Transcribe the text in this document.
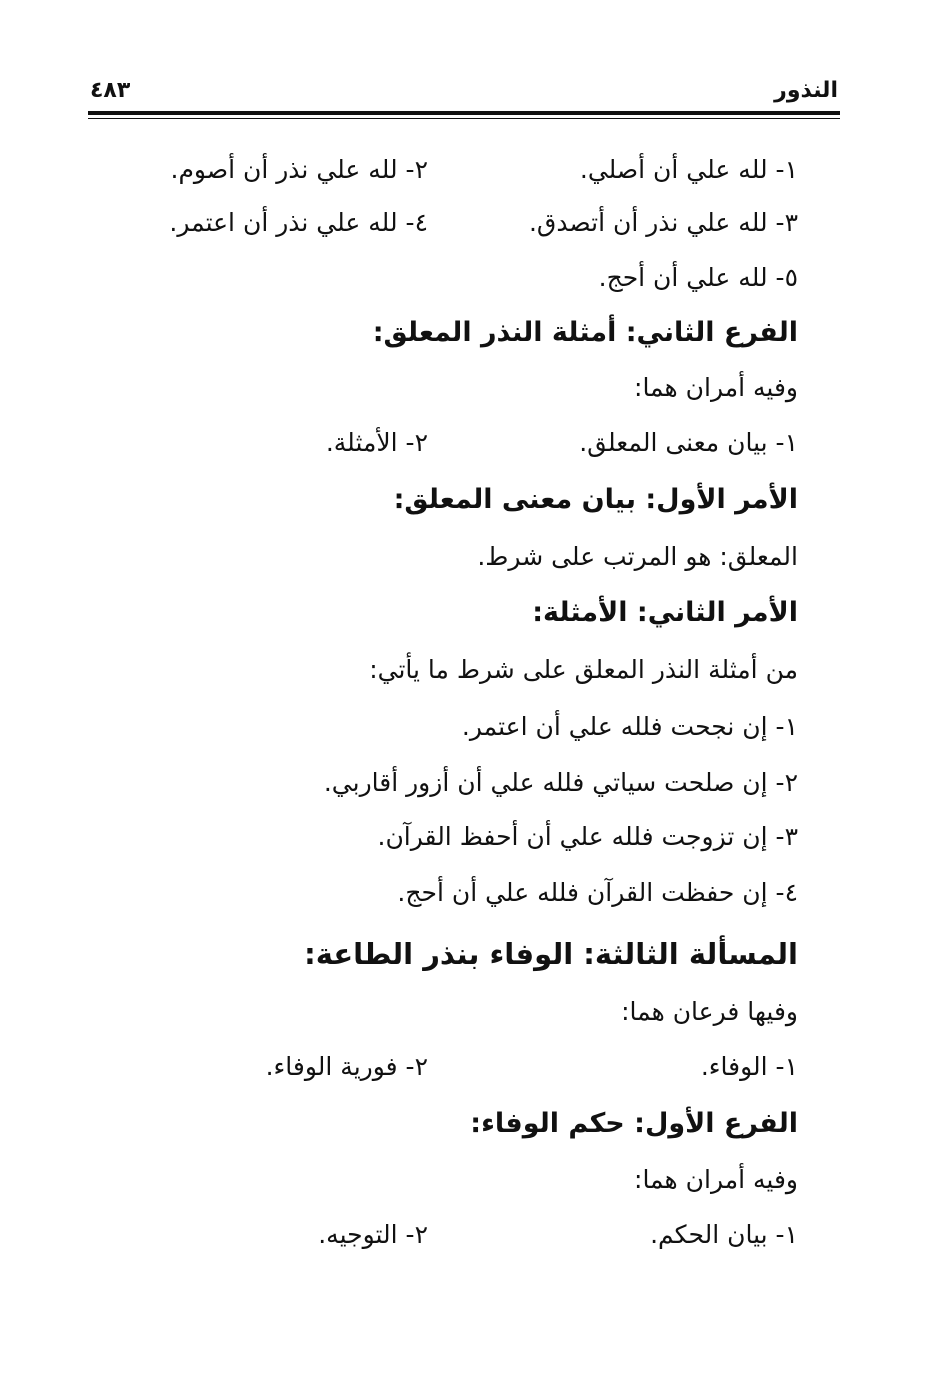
النذور
٤٨٣
١- لله علي أن أصلي.
٢- لله علي نذر أن أصوم.
٣- لله علي نذر أن أتصدق.
٤- لله علي نذر أن اعتمر.
٥- لله علي أن أحج.
الفرع الثاني: أمثلة النذر المعلق:
وفيه أمران هما:
١- بيان معنى المعلق.
٢- الأمثلة.
الأمر الأول: بيان معنى المعلق:
المعلق: هو المرتب على شرط.
الأمر الثاني: الأمثلة:
من أمثلة النذر المعلق على شرط ما يأتي:
١- إن نجحت فلله علي أن اعتمر.
٢- إن صلحت سياتي فلله علي أن أزور أقاربي.
٣- إن تزوجت فلله علي أن أحفظ القرآن.
٤- إن حفظت القرآن فلله علي أن أحج.
المسألة الثالثة: الوفاء بنذر الطاعة:
وفيها فرعان هما:
١- الوفاء.
٢- فورية الوفاء.
الفرع الأول: حكم الوفاء:
وفيه أمران هما:
١- بيان الحكم.
٢- التوجيه.
